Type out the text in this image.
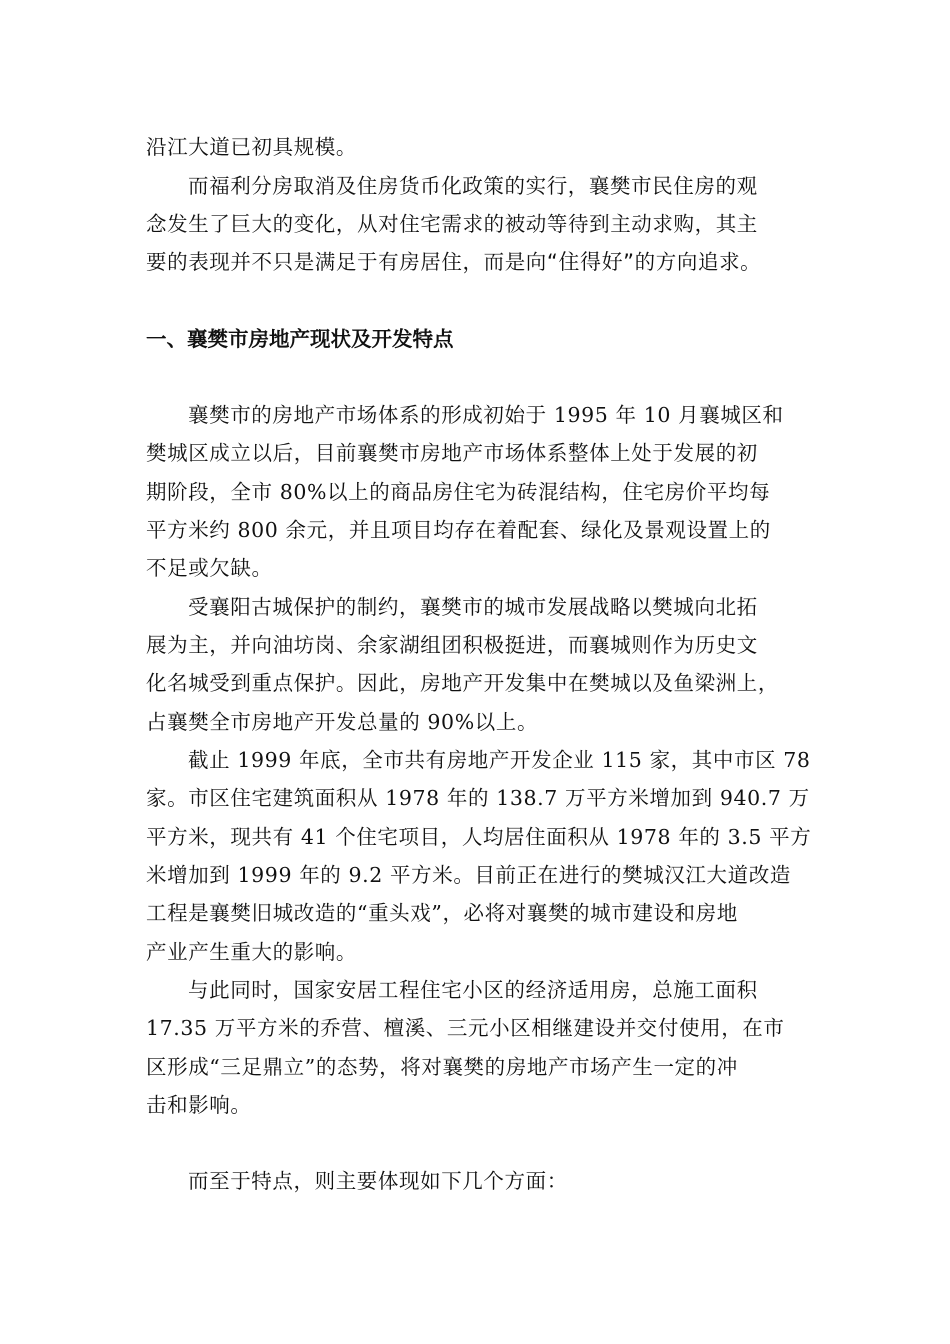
沿江大道已初具规模。
而福利分房取消及住房货币化政策的实行，襄樊市民住房的观
念发生了巨大的变化，从对住宅需求的被动等待到主动求购，其主
要的表现并不只是满足于有房居住，而是向“住得好”的方向追求。
一、襄樊市房地产现状及开发特点
襄樊市的房地产市场体系的形成初始于 1995 年 10 月襄城区和
樊城区成立以后，目前襄樊市房地产市场体系整体上处于发展的初
期阶段，全市 80%以上的商品房住宅为砖混结构，住宅房价平均每
平方米约 800 余元，并且项目均存在着配套、绿化及景观设置上的
不足或欠缺。
受襄阳古城保护的制约，襄樊市的城市发展战略以樊城向北拓
展为主，并向油坊岗、余家湖组团积极挺进，而襄城则作为历史文
化名城受到重点保护。因此，房地产开发集中在樊城以及鱼梁洲上，
占襄樊全市房地产开发总量的 90%以上。
截止 1999 年底，全市共有房地产开发企业 115 家，其中市区 78
家。市区住宅建筑面积从 1978 年的 138.7 万平方米增加到 940.7 万
平方米，现共有 41 个住宅项目，人均居住面积从 1978 年的 3.5 平方
米增加到 1999 年的 9.2 平方米。目前正在进行的樊城汉江大道改造
工程是襄樊旧城改造的“重头戏”，必将对襄樊的城市建设和房地
产业产生重大的影响。
与此同时，国家安居工程住宅小区的经济适用房，总施工面积
17.35 万平方米的乔营、檀溪、三元小区相继建设并交付使用，在市
区形成“三足鼎立”的态势，将对襄樊的房地产市场产生一定的冲
击和影响。
而至于特点，则主要体现如下几个方面：
